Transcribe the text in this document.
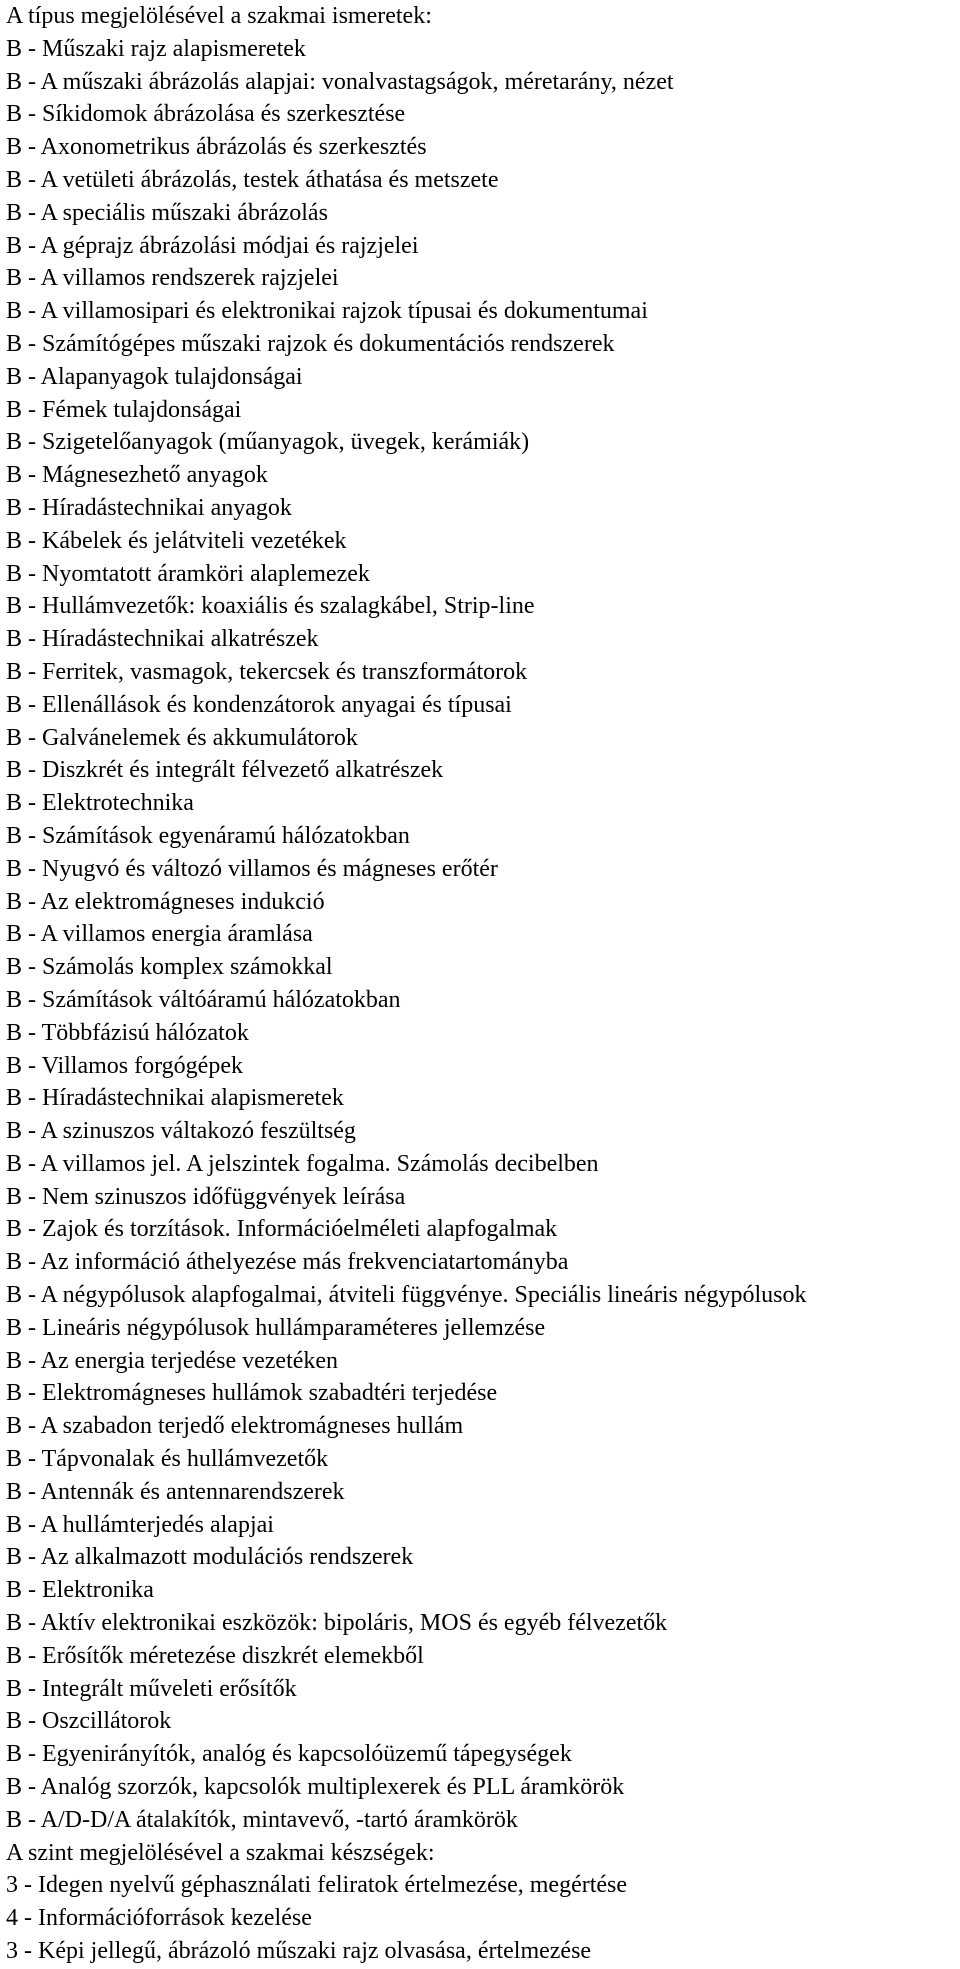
A típus megjelölésével a szakmai ismeretek:
B - Műszaki rajz alapismeretek
B - A műszaki ábrázolás alapjai: vonalvastagságok, méretarány, nézet
B - Síkidomok ábrázolása és szerkesztése
B - Axonometrikus ábrázolás és szerkesztés
B - A vetületi ábrázolás, testek áthatása és metszete
B - A speciális műszaki ábrázolás
B - A géprajz ábrázolási módjai és rajzjelei
B - A villamos rendszerek rajzjelei
B - A villamosipari és elektronikai rajzok típusai és dokumentumai
B - Számítógépes műszaki rajzok és dokumentációs rendszerek
B - Alapanyagok tulajdonságai
B - Fémek tulajdonságai
B - Szigetelőanyagok (műanyagok, üvegek, kerámiák)
B - Mágnesezhető anyagok
B - Híradástechnikai anyagok
B - Kábelek és jelátviteli vezetékek
B - Nyomtatott áramköri alaplemezek
B - Hullámvezetők: koaxiális és szalagkábel, Strip-line
B - Híradástechnikai alkatrészek
B - Ferritek, vasmagok, tekercsek és transzformátorok
B - Ellenállások és kondenzátorok anyagai és típusai
B - Galvánelemek és akkumulátorok
B - Diszkrét és integrált félvezető alkatrészek
B - Elektrotechnika
B - Számítások egyenáramú hálózatokban
B - Nyugvó és változó villamos és mágneses erőtér
B - Az elektromágneses indukció
B - A villamos energia áramlása
B - Számolás komplex számokkal
B - Számítások váltóáramú hálózatokban
B - Többfázisú hálózatok
B - Villamos forgógépek
B - Híradástechnikai alapismeretek
B - A szinuszos váltakozó feszültség
B - A villamos jel. A jelszintek fogalma. Számolás decibelben
B - Nem szinuszos időfüggvények leírása
B - Zajok és torzítások. Információelméleti alapfogalmak
B - Az információ áthelyezése más frekvenciatartományba
B - A négypólusok alapfogalmai, átviteli függvénye. Speciális lineáris négypólusok
B - Lineáris négypólusok hullámparaméteres jellemzése
B - Az energia terjedése vezetéken
B - Elektromágneses hullámok szabadtéri terjedése
B - A szabadon terjedő elektromágneses hullám
B - Tápvonalak és hullámvezetők
B - Antennák és antennarendszerek
B - A hullámterjedés alapjai
B - Az alkalmazott modulációs rendszerek
B - Elektronika
B - Aktív elektronikai eszközök: bipoláris, MOS és egyéb félvezetők
B - Erősítők méretezése diszkrét elemekből
B - Integrált műveleti erősítők
B - Oszcillátorok
B - Egyenirányítók, analóg és kapcsolóüzemű tápegységek
B - Analóg szorzók, kapcsolók multiplexerek és PLL áramkörök
B - A/D-D/A átalakítók, mintavevő, -tartó áramkörök
A szint megjelölésével a szakmai készségek:
3 - Idegen nyelvű géphasználati feliratok értelmezése, megértése
4 - Információforrások kezelése
3 - Képi jellegű, ábrázoló műszaki rajz olvasása, értelmezése
